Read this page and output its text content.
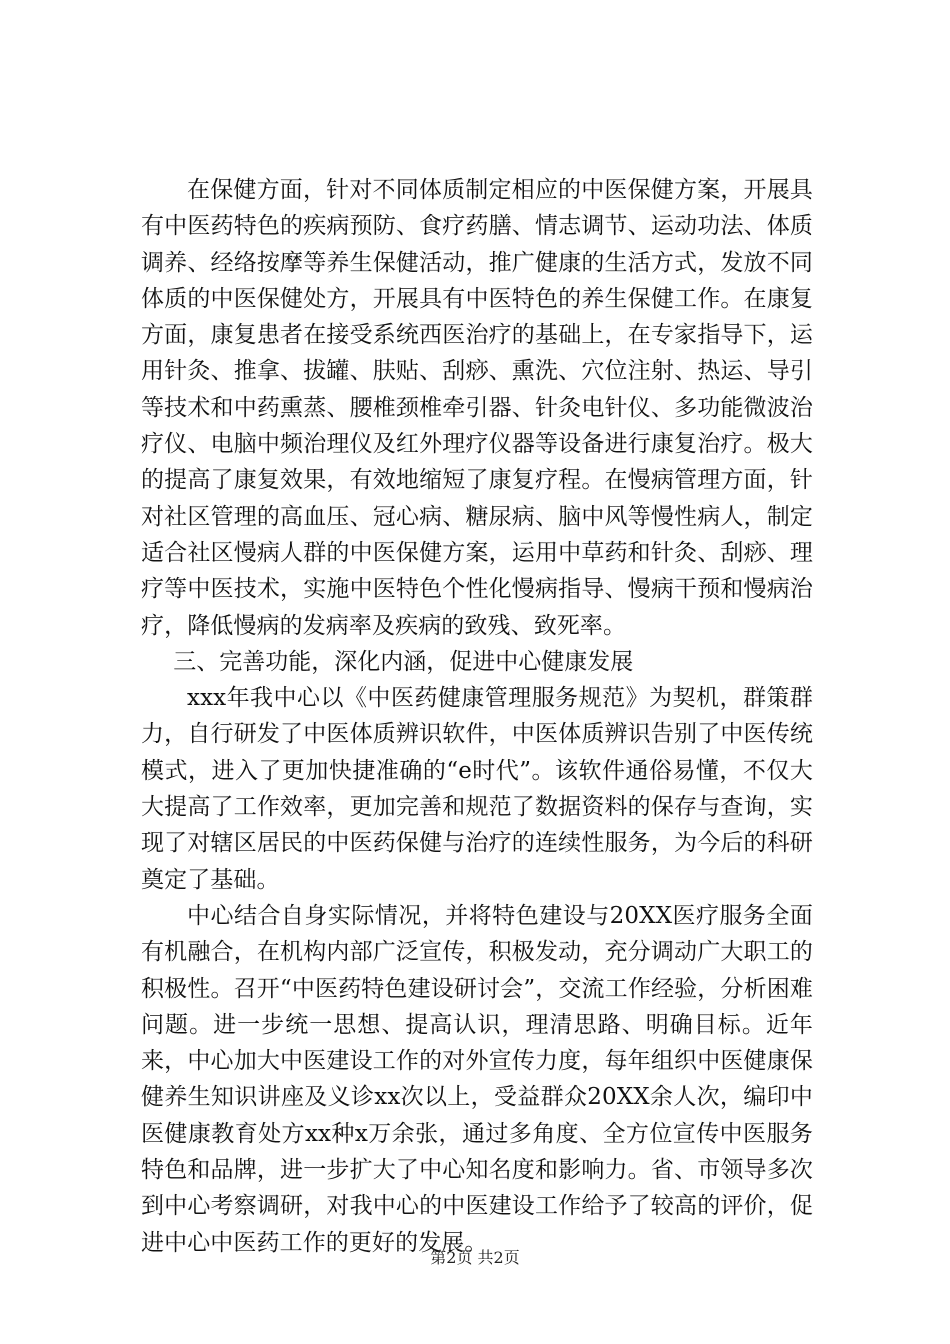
在保健方面，针对不同体质制定相应的中医保健方案，开展具有中医药特色的疾病预防、食疗药膳、情志调节、运动功法、体质调养、经络按摩等养生保健活动，推广健康的生活方式，发放不同体质的中医保健处方，开展具有中医特色的养生保健工作。在康复方面，康复患者在接受系统西医治疗的基础上，在专家指导下，运用针灸、推拿、拔罐、肤贴、刮痧、熏洗、穴位注射、热运、导引等技术和中药熏蒸、腰椎颈椎牵引器、针灸电针仪、多功能微波治疗仪、电脑中频治理仪及红外理疗仪器等设备进行康复治疗。极大的提高了康复效果，有效地缩短了康复疗程。在慢病管理方面，针对社区管理的高血压、冠心病、糖尿病、脑中风等慢性病人，制定适合社区慢病人群的中医保健方案，运用中草药和针灸、刮痧、理疗等中医技术，实施中医特色个性化慢病指导、慢病干预和慢病治疗，降低慢病的发病率及疾病的致残、致死率。

三、完善功能，深化内涵，促进中心健康发展

xxx年我中心以《中医药健康管理服务规范》为契机，群策群力，自行研发了中医体质辨识软件，中医体质辨识告别了中医传统模式，进入了更加快捷准确的“e时代”。该软件通俗易懂，不仅大大提高了工作效率，更加完善和规范了数据资料的保存与查询，实现了对辖区居民的中医药保健与治疗的连续性服务，为今后的科研奠定了基础。

中心结合自身实际情况，并将特色建设与20XX医疗服务全面有机融合，在机构内部广泛宣传，积极发动，充分调动广大职工的积极性。召开“中医药特色建设研讨会”，交流工作经验，分析困难问题。进一步统一思想、提高认识，理清思路、明确目标。近年来，中心加大中医建设工作的对外宣传力度，每年组织中医健康保健养生知识讲座及义诊xx次以上，受益群众20XX余人次，编印中医健康教育处方xx种x万余张，通过多角度、全方位宣传中医服务特色和品牌，进一步扩大了中心知名度和影响力。省、市领导多次到中心考察调研，对我中心的中医建设工作给予了较高的评价，促进中心中医药工作的更好的发展。

第2页 共2页
